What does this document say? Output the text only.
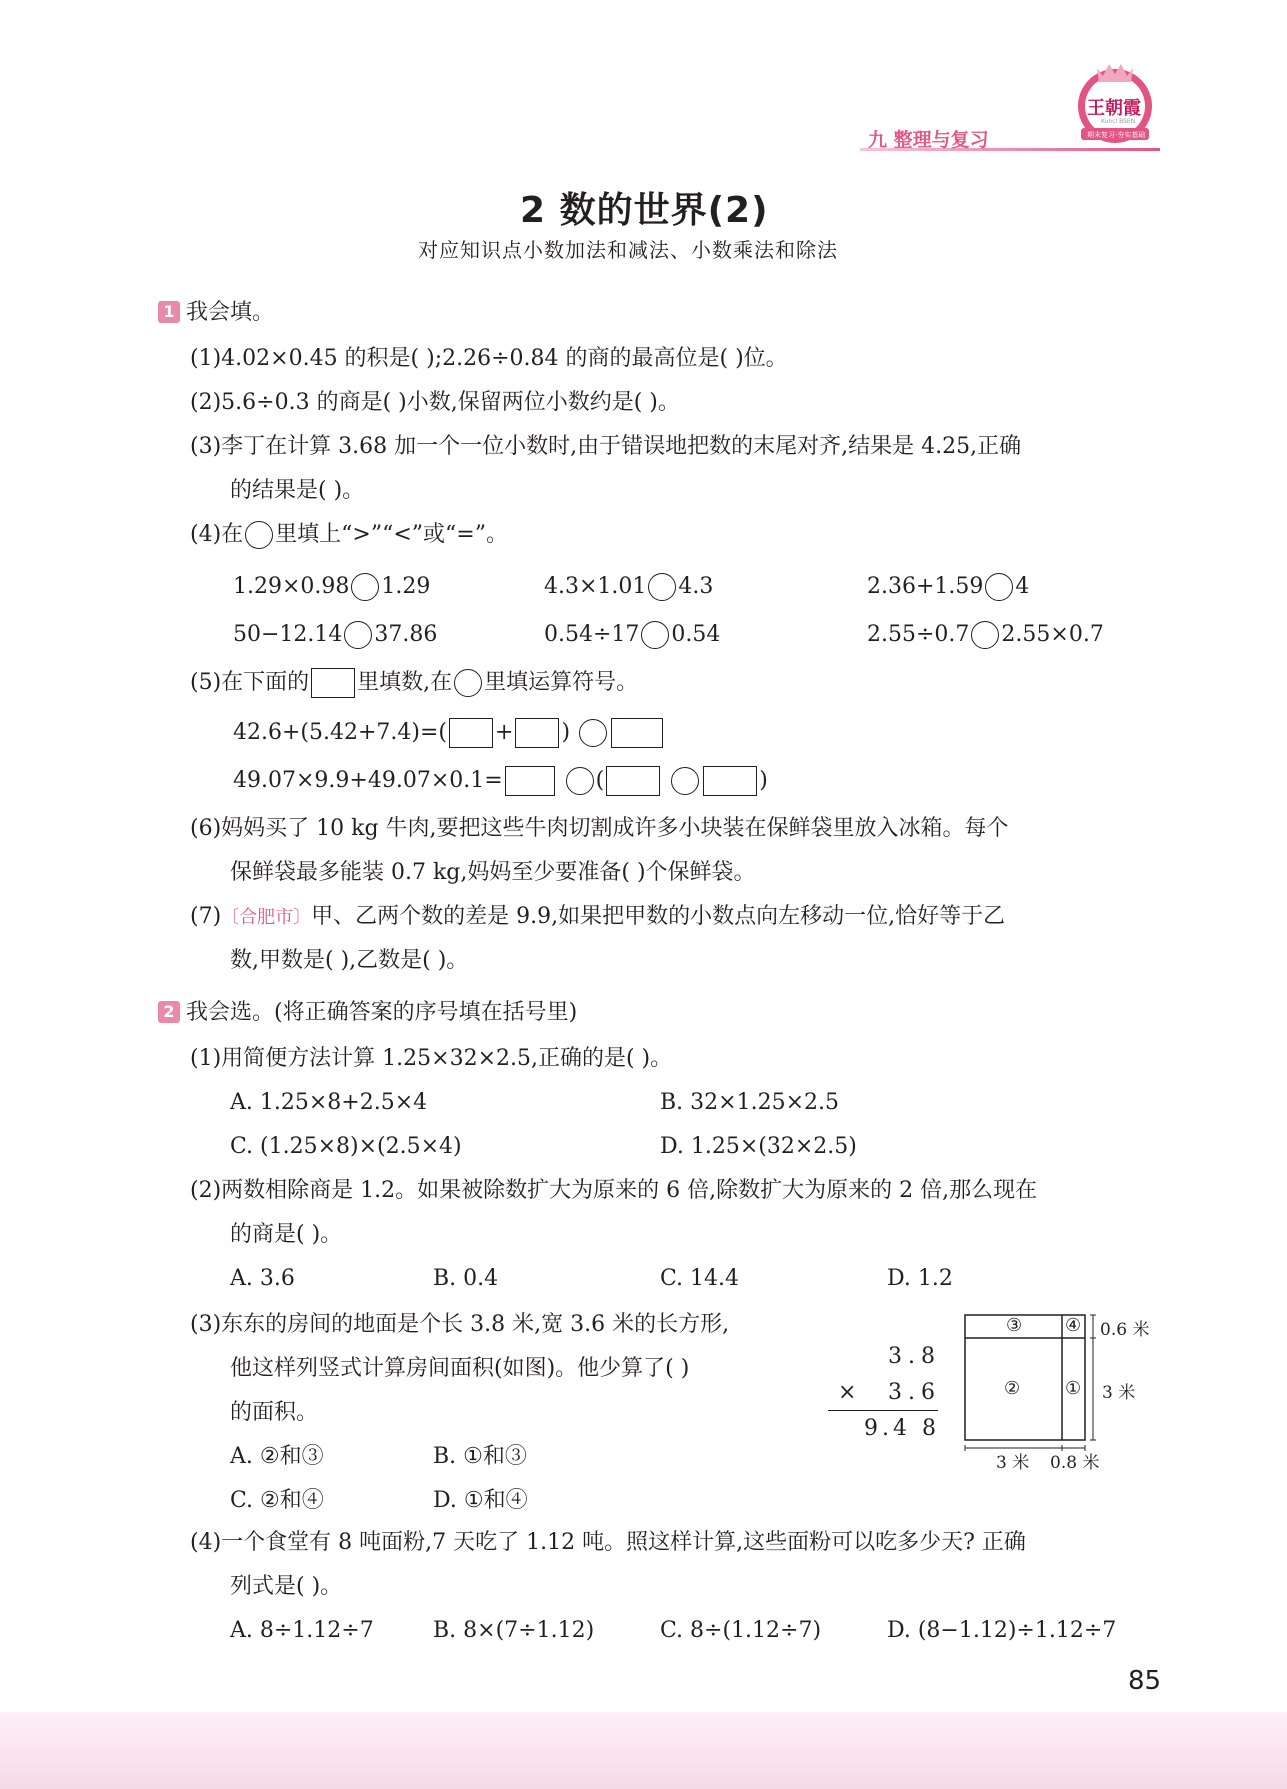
九 整理与复习
王朝霞
Kuncl BSEN
期末复习·夯实基础
2 数的世界(2)
对应知识点小数加法和减法、小数乘法和除法
1 我会填。
(1)4.02×0.45 的积是( );2.26÷0.84 的商的最高位是( )位。
(2)5.6÷0.3 的商是( )小数,保留两位小数约是( )。
(3)李丁在计算 3.68 加一个一位小数时,由于错误地把数的末尾对齐,结果是 4.25,正确
的结果是( )。
(4)在 里填上“>”“<”或“=”。
1.29×0.98 1.29	4.3×1.01 4.3	2.36+1.59 4
50−12.14 37.86	0.54÷17 0.54	2.55÷0.7 2.55×0.7
(5)在下面的 里填数,在 里填运算符号。
42.6+(5.42+7.4)=( + )
49.07×9.9+49.07×0.1=	(	)
(6)妈妈买了 10 kg 牛肉,要把这些牛肉切割成许多小块装在保鲜袋里放入冰箱。每个
保鲜袋最多能装 0.7 kg,妈妈至少要准备( )个保鲜袋。
(7)〔合肥市〕甲、乙两个数的差是 9.9,如果把甲数的小数点向左移动一位,恰好等于乙
数,甲数是( ),乙数是( )。
2 我会选。(将正确答案的序号填在括号里)
(1)用简便方法计算 1.25×32×2.5,正确的是( )。
A. 1.25×8+2.5×4	B. 32×1.25×2.5
C. (1.25×8)×(2.5×4)	D. 1.25×(32×2.5)
(2)两数相除商是 1.2。如果被除数扩大为原来的 6 倍,除数扩大为原来的 2 倍,那么现在
的商是( )。
A. 3.6	B. 0.4	C. 14.4	D. 1.2
(3)东东的房间的地面是个长 3.8 米,宽 3.6 米的长方形,
他这样列竖式计算房间面积(如图)。他少算了( )
的面积。
A. ②和③	B. ①和③
C. ②和④	D. ①和④
3.8
× 3.6
9.4 8
③ ④
② ①
0.6 米
3 米
3 米 0.8 米
(4)一个食堂有 8 吨面粉,7 天吃了 1.12 吨。照这样计算,这些面粉可以吃多少天? 正确
列式是( )。
A. 8÷1.12÷7	B. 8×(7÷1.12)	C. 8÷(1.12÷7)	D. (8−1.12)÷1.12÷7
85
